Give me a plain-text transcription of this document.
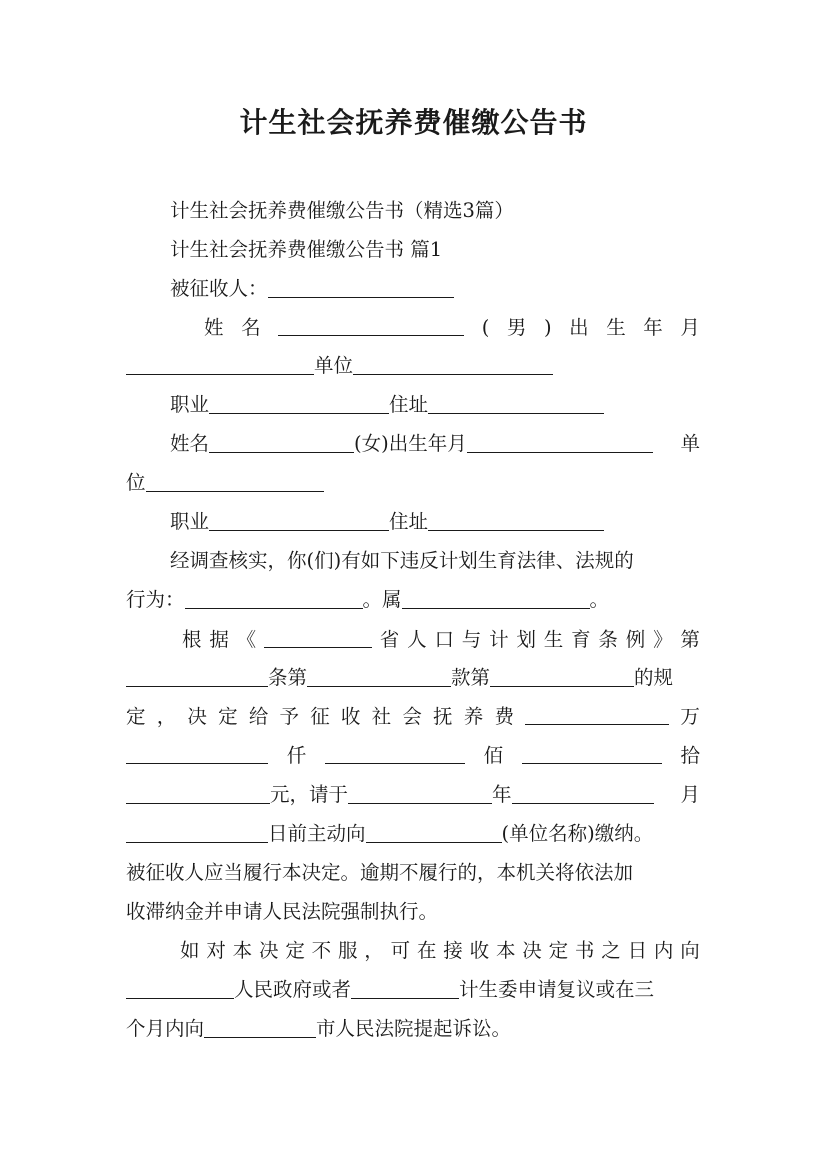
计生社会抚养费催缴公告书
计生社会抚养费催缴公告书（精选3篇）
计生社会抚养费催缴公告书 篇1
被征收人：
姓 名	( 男 ) 出 生 年 月
单位
职业	住址
姓名	(女)出生年月	单
位
职业	住址
经调查核实，你(们)有如下违反计划生育法律、法规的
行为：	。属	。
根 据 《	省 人 口 与 计 划 生 育 条 例 》 第
条第	款第	的规
定 ， 决 定 给 予 征 收 社 会 抚 养 费	万
仟	佰	拾
元，请于	年	月
日前主动向	(单位名称)缴纳。
被征收人应当履行本决定。逾期不履行的，本机关将依法加
收滞纳金并申请人民法院强制执行。
如 对 本 决 定 不 服 ， 可 在 接 收 本 决 定 书 之 日 内 向
人民政府或者	计生委申请复议或在三
个月内向	市人民法院提起诉讼。
